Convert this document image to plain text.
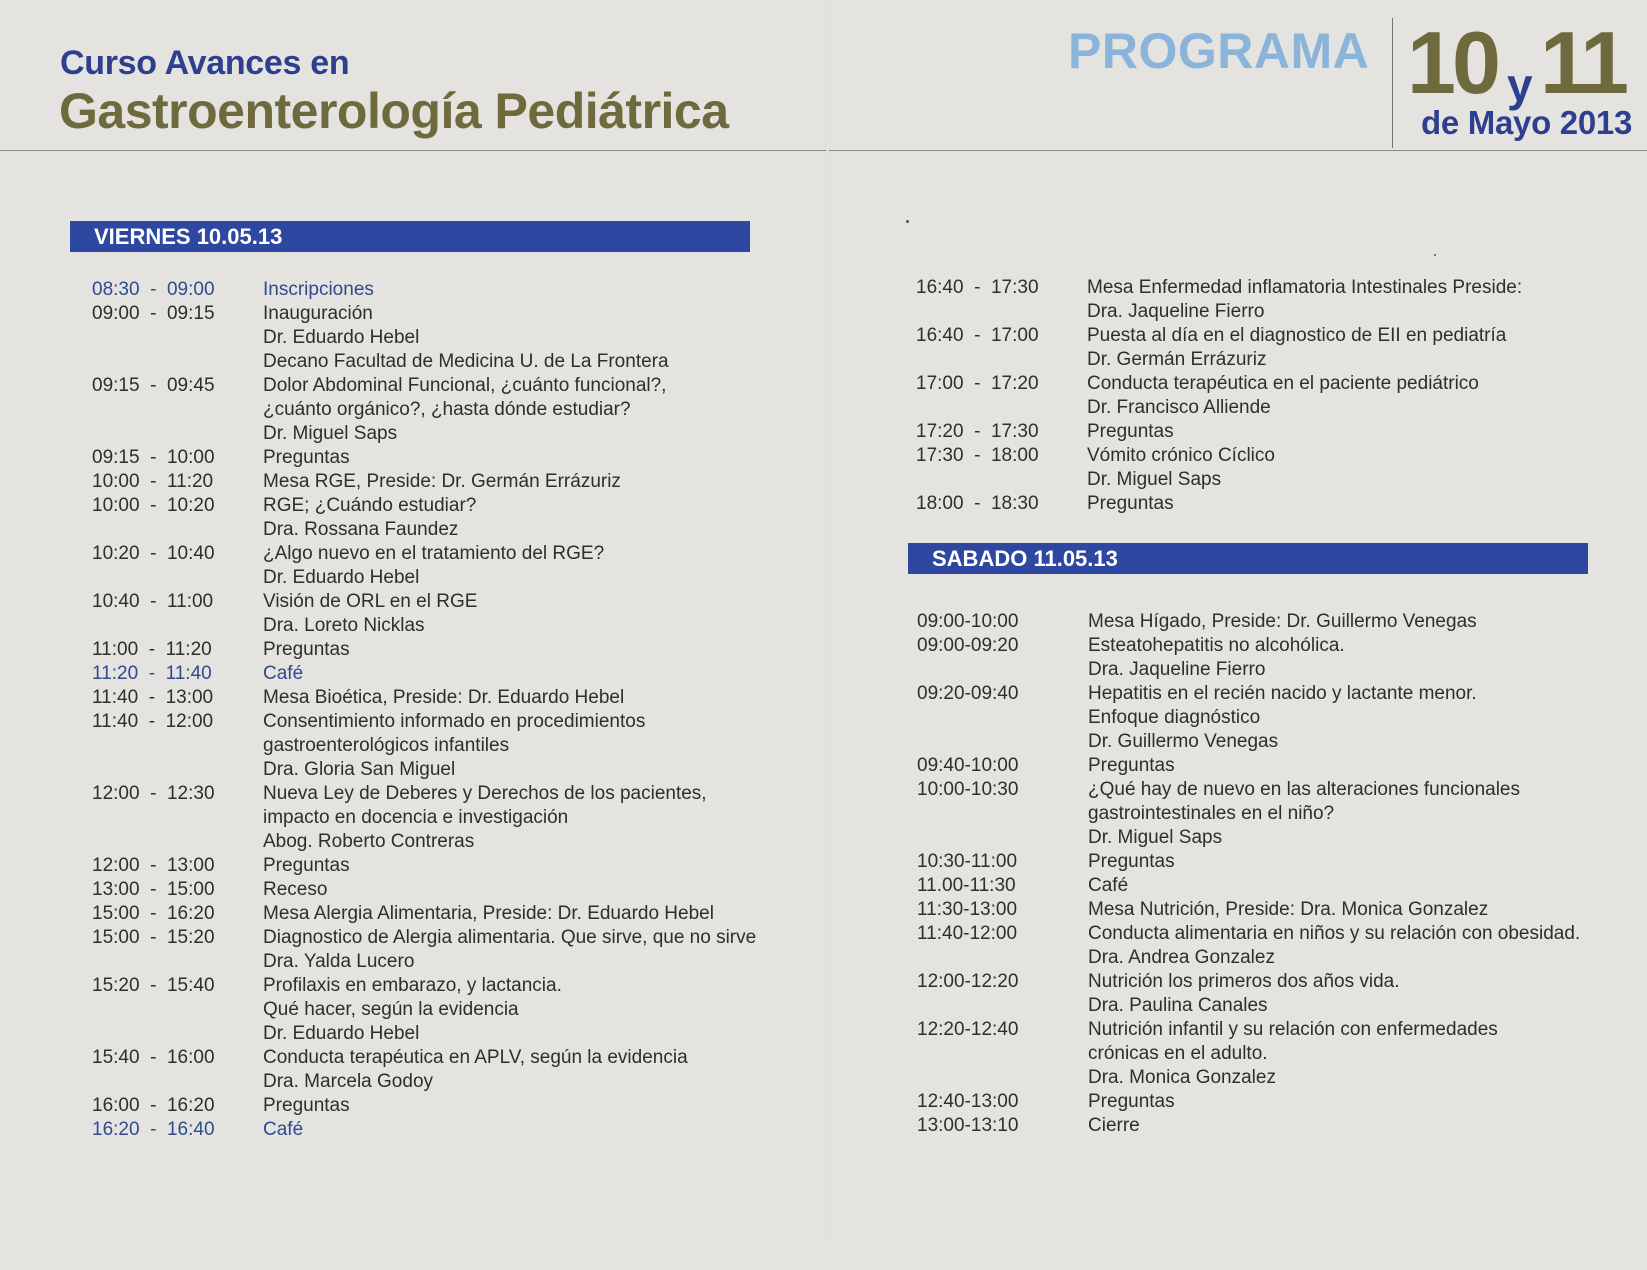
Curso Avances en
Gastroenterología Pediátrica
PROGRAMA 10 y 11
de Mayo 2013
VIERNES 10.05.13
08:30  -  09:00	Inscripciones
09:00  -  09:15	Inauguración
Dr. Eduardo Hebel
Decano Facultad de Medicina U. de La Frontera
09:15  -  09:45	Dolor Abdominal Funcional, ¿cuánto funcional?,
¿cuánto orgánico?, ¿hasta dónde estudiar?
Dr. Miguel Saps
09:15  -  10:00	Preguntas
10:00  -  11:20	Mesa RGE, Preside: Dr. Germán Errázuriz
10:00  -  10:20	RGE; ¿Cuándo estudiar?
Dra. Rossana Faundez
10:20  -  10:40	¿Algo nuevo en el tratamiento del RGE?
Dr. Eduardo Hebel
10:40  -  11:00	Visión de ORL en el RGE
Dra. Loreto Nicklas
11:00  -  11:20	Preguntas
11:20  -  11:40	Café
11:40  -  13:00	Mesa Bioética, Preside: Dr. Eduardo Hebel
11:40  -  12:00	Consentimiento informado en procedimientos
gastroenterológicos infantiles
Dra. Gloria San Miguel
12:00  -  12:30	Nueva Ley de Deberes y Derechos de los pacientes,
impacto en docencia e investigación
Abog. Roberto Contreras
12:00  -  13:00	Preguntas
13:00  -  15:00	Receso
15:00  -  16:20	Mesa Alergia Alimentaria, Preside: Dr. Eduardo Hebel
15:00  -  15:20	Diagnostico de Alergia alimentaria. Que sirve, que no sirve
Dra. Yalda Lucero
15:20  -  15:40	Profilaxis en embarazo, y lactancia.
Qué hacer, según la evidencia
Dr. Eduardo Hebel
15:40  -  16:00	Conducta terapéutica en APLV, según la evidencia
Dra. Marcela Godoy
16:00  -  16:20	Preguntas
16:20  -  16:40	Café
16:40  -  17:30	Mesa Enfermedad inflamatoria Intestinales Preside:
Dra. Jaqueline Fierro
16:40  -  17:00	Puesta al día en el diagnostico de EII en pediatría
Dr. Germán Errázuriz
17:00  -  17:20	Conducta terapéutica en el paciente pediátrico
Dr. Francisco Alliende
17:20  -  17:30	Preguntas
17:30  -  18:00	Vómito crónico Cíclico
Dr. Miguel Saps
18:00  -  18:30	Preguntas
SABADO 11.05.13
09:00-10:00	Mesa Hígado, Preside: Dr. Guillermo Venegas
09:00-09:20	Esteatohepatitis no alcohólica.
Dra. Jaqueline Fierro
09:20-09:40	Hepatitis en el recién nacido y lactante menor.
Enfoque diagnóstico
Dr. Guillermo Venegas
09:40-10:00	Preguntas
10:00-10:30	¿Qué hay de nuevo en las alteraciones funcionales
gastrointestinales en el niño?
Dr. Miguel Saps
10:30-11:00	Preguntas
11.00-11:30	Café
11:30-13:00	Mesa Nutrición, Preside: Dra. Monica Gonzalez
11:40-12:00	Conducta alimentaria en niños y su relación con obesidad.
Dra. Andrea Gonzalez
12:00-12:20	Nutrición los primeros dos años vida.
Dra. Paulina Canales
12:20-12:40	Nutrición infantil y su relación con enfermedades
crónicas en el adulto.
Dra. Monica Gonzalez
12:40-13:00	Preguntas
13:00-13:10	Cierre
